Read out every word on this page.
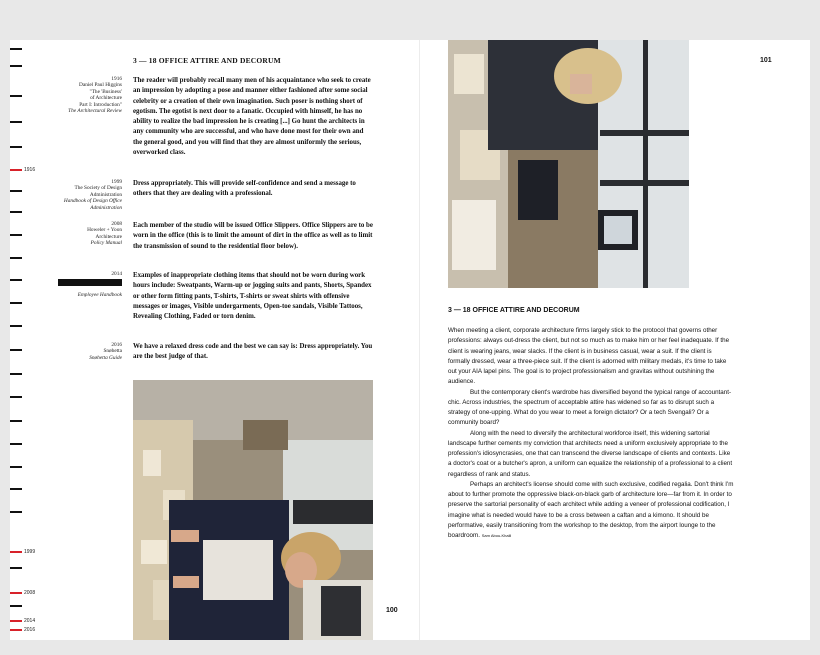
1916
1999
2008
2014
2016
3 — 18 OFFICE ATTIRE AND DECORUM
1916
Daniel Paul Higgins
"The 'Business'
of Architecture
Part I: Introduction"
The Architectural Review
The reader will probably recall many men of his acquaintance who seek to create an impression by adopting a pose and manner either fashioned after some social celebrity or a creation of their own imagination. Such poser is nothing short of egotism. The egotist is next door to a fanatic. Occupied with himself, he has no ability to realize the bad impression he is creating [...] Go hunt the architects in any community who are successful, and who have done most for their own and the general good, and you will find that they are almost uniformly the serious, overworked class.
1999
The Society of Design
Administration
Handbook of Design Office Administration
Dress appropriately. This will provide self-confidence and send a message to others that they are dealing with a professional.
2008
Howeler + Yoon
Architecture
Policy Manual
Each member of the studio will be issued Office Slippers. Office Slippers are to be worn in the office (this is to limit the amount of dirt in the office as well as to limit the transmission of sound to the residential floor below).
2014
Employee Handbook
Examples of inappropriate clothing items that should not be worn during work hours include: Sweatpants, Warm-up or jogging suits and pants, Shorts, Spandex or other form fitting pants, T-shirts, T-shirts or sweat shirts with offensive messages or images, Visible undergarments, Open-toe sandals, Visible Tattoos, Revealing Clothing, Faded or torn denim.
2016
Snøhetta
Snøhetta Guide
We have a relaxed dress code and the best we can say is: Dress appropriately. You are the best judge of that.
100
101
3 — 18 OFFICE ATTIRE AND DECORUM

When meeting a client, corporate architecture firms largely stick to the protocol that governs other professions: always out-dress the client, but not so much as to make him or her feel inadequate. If the client is wearing jeans, wear slacks. If the client is in business casual, wear a suit. If the client is formally dressed, wear a three-piece suit. If the client is adorned with military medals, it's time to take out your AIA lapel pins. The goal is to project professionalism and gravitas without outshining the audience.

But the contemporary client's wardrobe has diversified beyond the typical range of accountant-chic. Across industries, the spectrum of acceptable attire has widened so far as to disrupt such a strategy of one-upping. What do you wear to meet a foreign dictator? Or a tech Svengali? Or a community board?

Along with the need to diversify the architectural workforce itself, this widening sartorial landscape further cements my conviction that architects need a uniform exclusively appropriate to the profession's idiosyncrasies, one that can transcend the diverse landscape of clients and contexts. Like a doctor's coat or a butcher's apron, a uniform can equalize the relationship of a professional to a client regardless of rank and status.

Perhaps an architect's license should come with such exclusive, codified regalia. Don't think I'm about to further promote the oppressive black-on-black garb of architecture lore—far from it. In order to preserve the sartorial personality of each architect while adding a veneer of professional codification, I imagine what is needed would have to be a cross between a caftan and a kimono. It should be performative, easily transitioning from the workshop to the desktop, from the airport lounge to the boardroom. Sam Abou-Khalil
